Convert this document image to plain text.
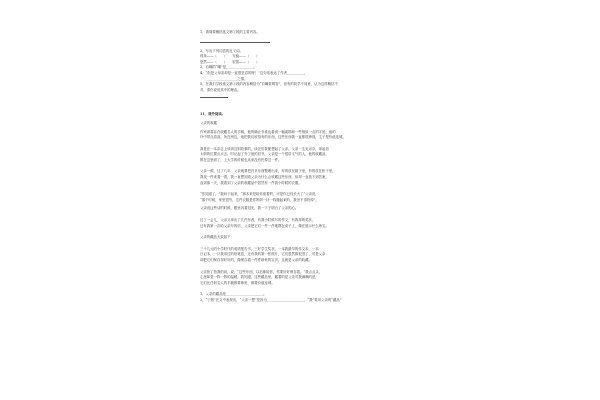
1、请简要概括选文第①段的主要内容。
2、写出下列词语的近义词。
孤单——（　　）　　安稳——（　　）
悠然——（　　）　　寂寞——（　　）
3、自嘲的“嘲”是＿＿＿＿＿＿＿＿。
4、“但是父母亲却是一直很坚忍的呀！”这句话表达了作者＿＿＿＿＿，
　　＿＿＿＿＿＿＿＿＿之情。
5、在我们学校选文第①段的内容概括为“自嘲要明智”，但有的同学不同意，认为这样概括不
对，请你说说其中的理由。
11、课外阅读。
父亲的收藏
作家席慕容在收藏名人的手稿，他的确让书桌也看到一幅素描和一些细致一点的字迹，他的
朴中带点清高，所在两边，他把我们收拾有的东西，这些东西我一直都很珍视，丈子是价值连城。
我是在一本杂志上读到这则故事的，读完后我便想起了父亲。父亲一生无可奈，拿起信
太倒的位置点点去，时记起了外了他的旧书，父亲是一个很讲义气的人，他的收藏品，
都在这里面了，上大学的时候也从来没有扔掉过一件。
父亲一照，过了几年，父亲就要把许多东西整理出来，有的放在箱子里，有的放在柜子里，
我找一件来看一看，我一直想知道父亲为什么会收藏这些东西，但却一直找不到答案，
直到那一天，我看到了父亲的收藏品中居然有一件我小时候的衣服。
“你知道了，”我问于起来，“那本来是给你留着的，可是你已经长大了”父亲说，
“那个时候，家里很穷，这件衣服是你妈妈一针一线缝起来的，我舍不得扔掉”。
父亲说这些话的时候，眼里闪着泪光，我一下子明白了父亲的心。
过了一会儿，父亲又拿出了几件东西，有我小时候写的作文，有我得的奖状，
还有我第一次给父亲写的信，父亲把它们一件一件地摆在桌子上，像在展示什么珍宝。
父亲的藏品大致如下：
三十几元的小学时代的成绩报告书，三好学生奖状，一本我最早的作文本，一本
日记本，一只我用过的铅笔盒，还有我的第一张照片，它们虽然都很旧了，可是父亲
却把它们保存得好好的，像保存着一件件珍贵的宝贝，这就是父亲的收藏。
父亲拍了拍我的肩，说，“这些东西，以后都给你，你要好好保存着。”我点点头，
心里却是一阵一阵的温暖，我知道，这些藏品里，藏着的是父亲对我满满的爱，
它们比任何名人的手稿都要珍贵，都要价值连城。
1、父亲的藏品是＿＿＿＿＿＿＿＿＿＿＿。
2、“宁愿”在文中表现出，“父亲一想”是因为＿＿＿＿＿＿＿＿＿＿＿，“我”要用父亲的“藏品”
